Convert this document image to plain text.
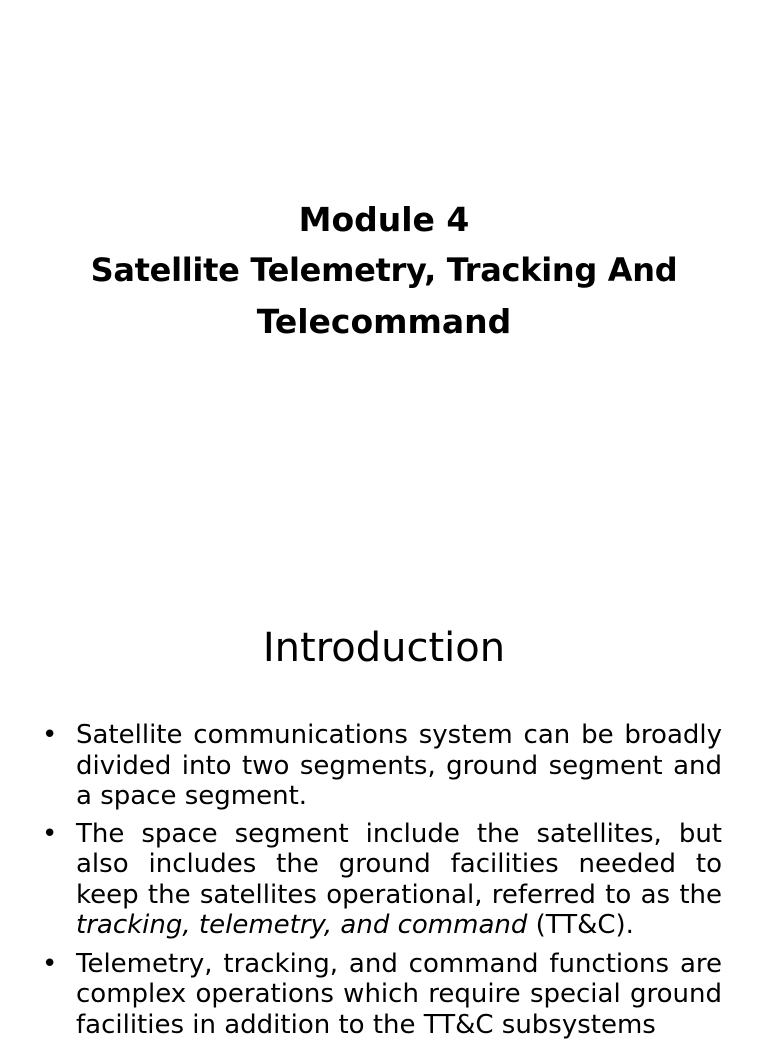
Module 4
Satellite Telemetry, Tracking And
Telecommand
Introduction
• Satellite communications system can be broadly divided into two segments, ground segment and a space segment.
• The space segment include the satellites, but also includes the ground facilities needed to keep the satellites operational, referred to as the tracking, telemetry, and command (TT&C).
• Telemetry, tracking, and command functions are complex operations which require special ground facilities in addition to the TT&C subsystems
